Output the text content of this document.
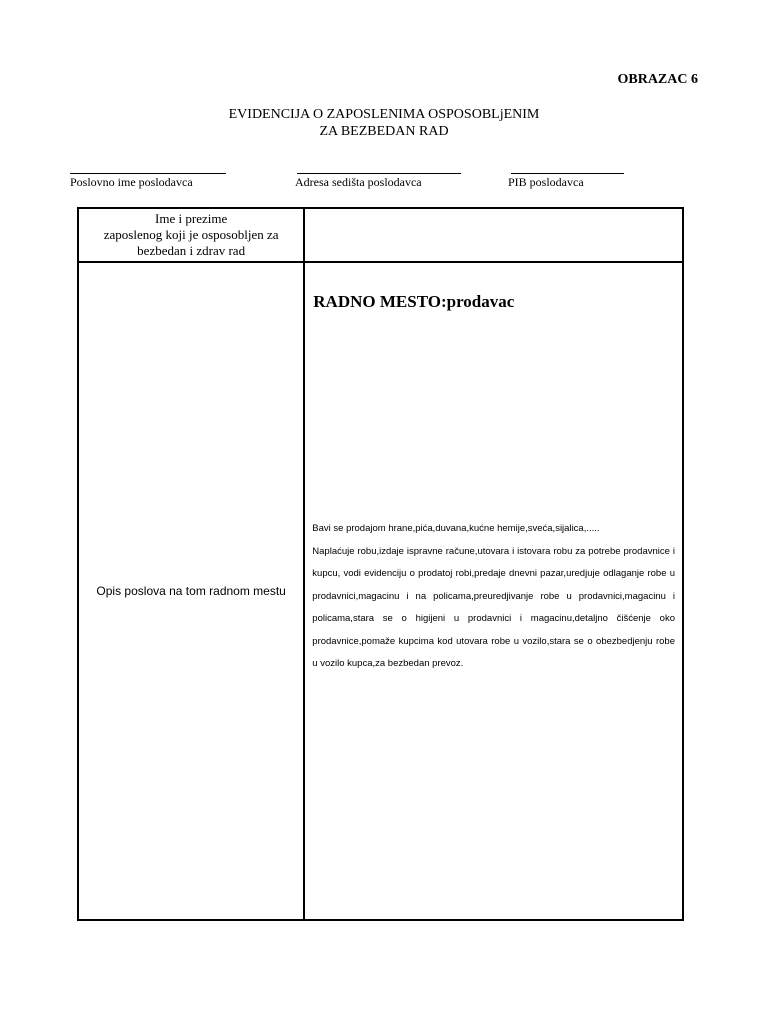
OBRAZAC 6
EVIDENCIJA O ZAPOSLENIMA OSPOSOBLjENIM
ZA BEZBEDAN RAD
Poslovno ime poslodavca	Adresa sedišta poslodavca	PIB poslodavca
Ime i prezime
zaposlenog koji je osposobljen za
bezbedan i zdrav rad	

Opis poslova na tom radnom mestu	RADNO MESTO:prodavac
Bavi se prodajom hrane,pića,duvana,kućne hemije,sveća,sijalica,.....
Naplaćuje robu,izdaje ispravne račune,utovara i istovara robu za potrebe prodavnice i kupcu, vodi evidenciju o prodatoj robi,predaje dnevni pazar,uredjuje odlaganje robe u prodavnici,magacinu i na policama,preuredjivanje robe u prodavnici,magacinu i policama,stara se o higijeni u prodavnici i magacinu,detaljno čišćenje oko prodavnice,pomaže kupcima kod utovara robe u vozilo,stara se o obezbedjenju robe u vozilo kupca,za bezbedan prevoz.
